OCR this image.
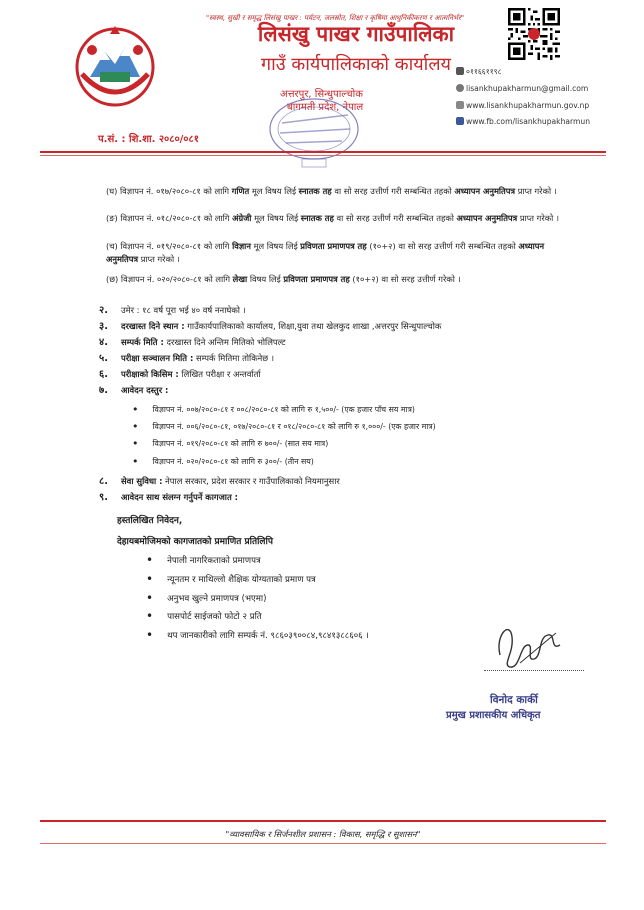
"स्वस्थ, सुखी र समृद्ध लिसंखु पाखर : पर्यटन, जलस्रोत, शिक्षा र कृषिमा आधुनिकीकरण र आत्मनिर्भर"
लिसंखु पाखर गाउँपालिका
गाउँ कार्यपालिकाको कार्यालय
अत्तरपुर, सिन्धुपाल्चोक
बागमती प्रदेश, नेपाल
०११६६११९८
lisankhupakharmun@gmail.com
www.lisankhupakharmun.gov.np
www.fb.com/lisankhupakharmun
प.सं. : शि.शा. २०८०/०८१
(घ) विज्ञापन नं. ०१७/२०८०-८१ को लागि गणित मूल विषय लिई स्नातक तह वा सो सरह उत्तीर्ण गरी सम्बन्धित तहको अध्यापन अनुमतिपत्र प्राप्त गरेको ।
(ङ) विज्ञापन नं. ०१८/२०८०-८१ को लागि अंग्रेजी मूल विषय लिई स्नातक तह वा सो सरह उत्तीर्ण गरी सम्बन्धित तहको अध्यापन अनुमतिपत्र प्राप्त गरेको ।
(च) विज्ञापन नं. ०१९/२०८०-८१ को लागि विज्ञान मूल विषय लिई प्रविणता प्रमाणपत्र तह (१०+२) वा सो सरह उत्तीर्ण गरी सम्बन्धित तहको अध्यापन अनुमतिपत्र प्राप्त गरेको ।
(छ) विज्ञापन नं. ०२०/२०८०-८१ को लागि लेखा विषय लिई प्रविणता प्रमाणपत्र तह (१०+२) वा सो सरह उत्तीर्ण गरेको ।
२. उमेर : १८ वर्ष पूरा भई ४० वर्ष ननाघेको ।
३. दरखास्त दिने स्थान : गाउँकार्यपालिकाको कार्यालय, शिक्षा,युवा तथा खेलकुद शाखा ,अत्तरपुर सिन्धुपाल्चोक
४. सम्पर्क मिति : दरखास्त दिने अन्तिम मितिको भोलिपल्ट
५. परीक्षा सञ्चालन मिति : सम्पर्क मितिमा तोकिनेछ ।
६. परीक्षाको किसिम : लिखित परीक्षा र अन्तर्वार्ता
७. आवेदन दस्तुर :
• विज्ञापन नं. ००७/२०८०-८१ र ००८/२०८०-८१ को लागि रु १,५००/- (एक हजार पाँच सय मात्र)
• विज्ञापन नं. ००६/२०८०-८१, ०१७/२०८०-८१ र ०१८/२०८०-८१ को लागि रु १,०००/- (एक हजार मात्र)
• विज्ञापन नं. ०१९/२०८०-८१ को लागि रु ७००/- (सात सय मात्र)
• विज्ञापन नं. ०२०/२०८०-८१ को लागि रु ३००/- (तीन सय)
८. सेवा सुविधा : नेपाल सरकार, प्रदेश सरकार र गाउँपालिकाको नियमानुसार
९. आवेदन साथ संलग्न गर्नुपर्ने कागजात :
हस्तलिखित निवेदन,
देहायबमोजिमको कागजातको प्रमाणित प्रतिलिपि
• नेपाली नागरिकताको प्रमाणपत्र
• न्यूनतम र माथिल्लो शैक्षिक योग्यताको प्रमाण पत्र
• अनुभव खुल्ने प्रमाणपत्र (भएमा)
• पासपोर्ट साईजको फोटो २ प्रति
• थप जानकारीको लागि सम्पर्क नं. ९८६०३९००८४,९८४१३८८६०६ ।
विनोद कार्की
प्रमुख प्रशासकीय अधिकृत
"व्यावसायिक र सिर्जनशील प्रशासन : विकास, समृद्धि र सुशासन"
